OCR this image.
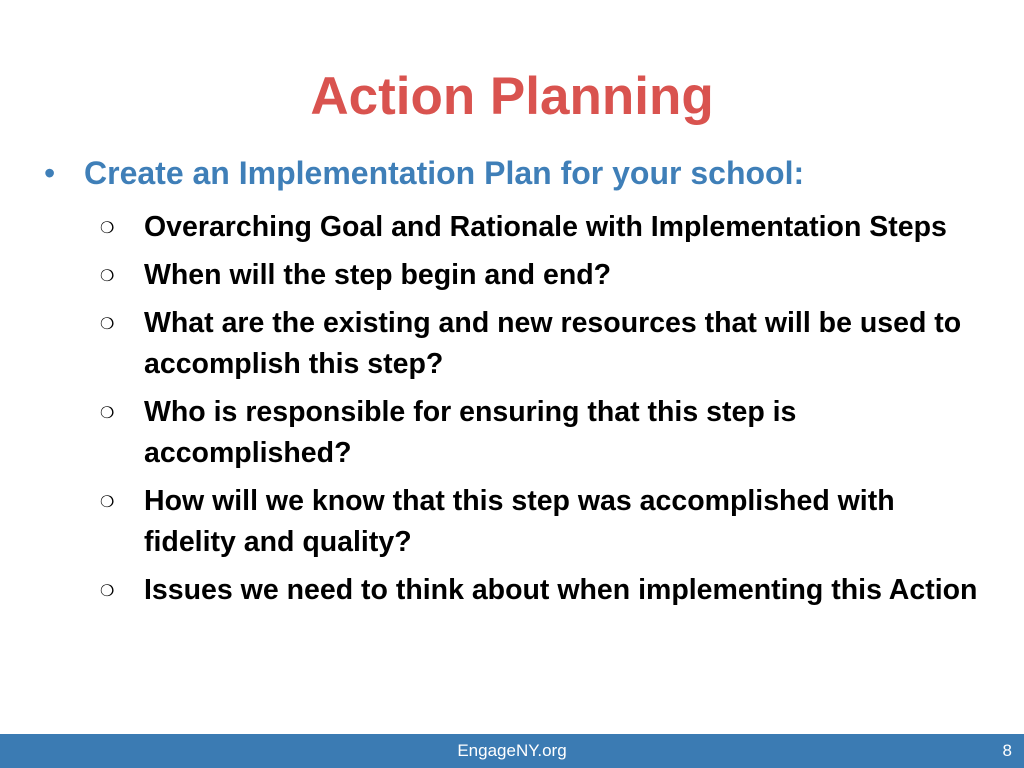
Action Planning
• Create an Implementation Plan for your school:
❍	Overarching Goal and Rationale with Implementation Steps
❍	When will the step begin and end?
❍	What are the existing and new resources that will be used to accomplish this step?
❍	Who is responsible for ensuring that this step is accomplished?
❍	How will we know that this step was accomplished with fidelity and quality?
❍	Issues we need to think about when implementing this Action
EngageNY.org	8
